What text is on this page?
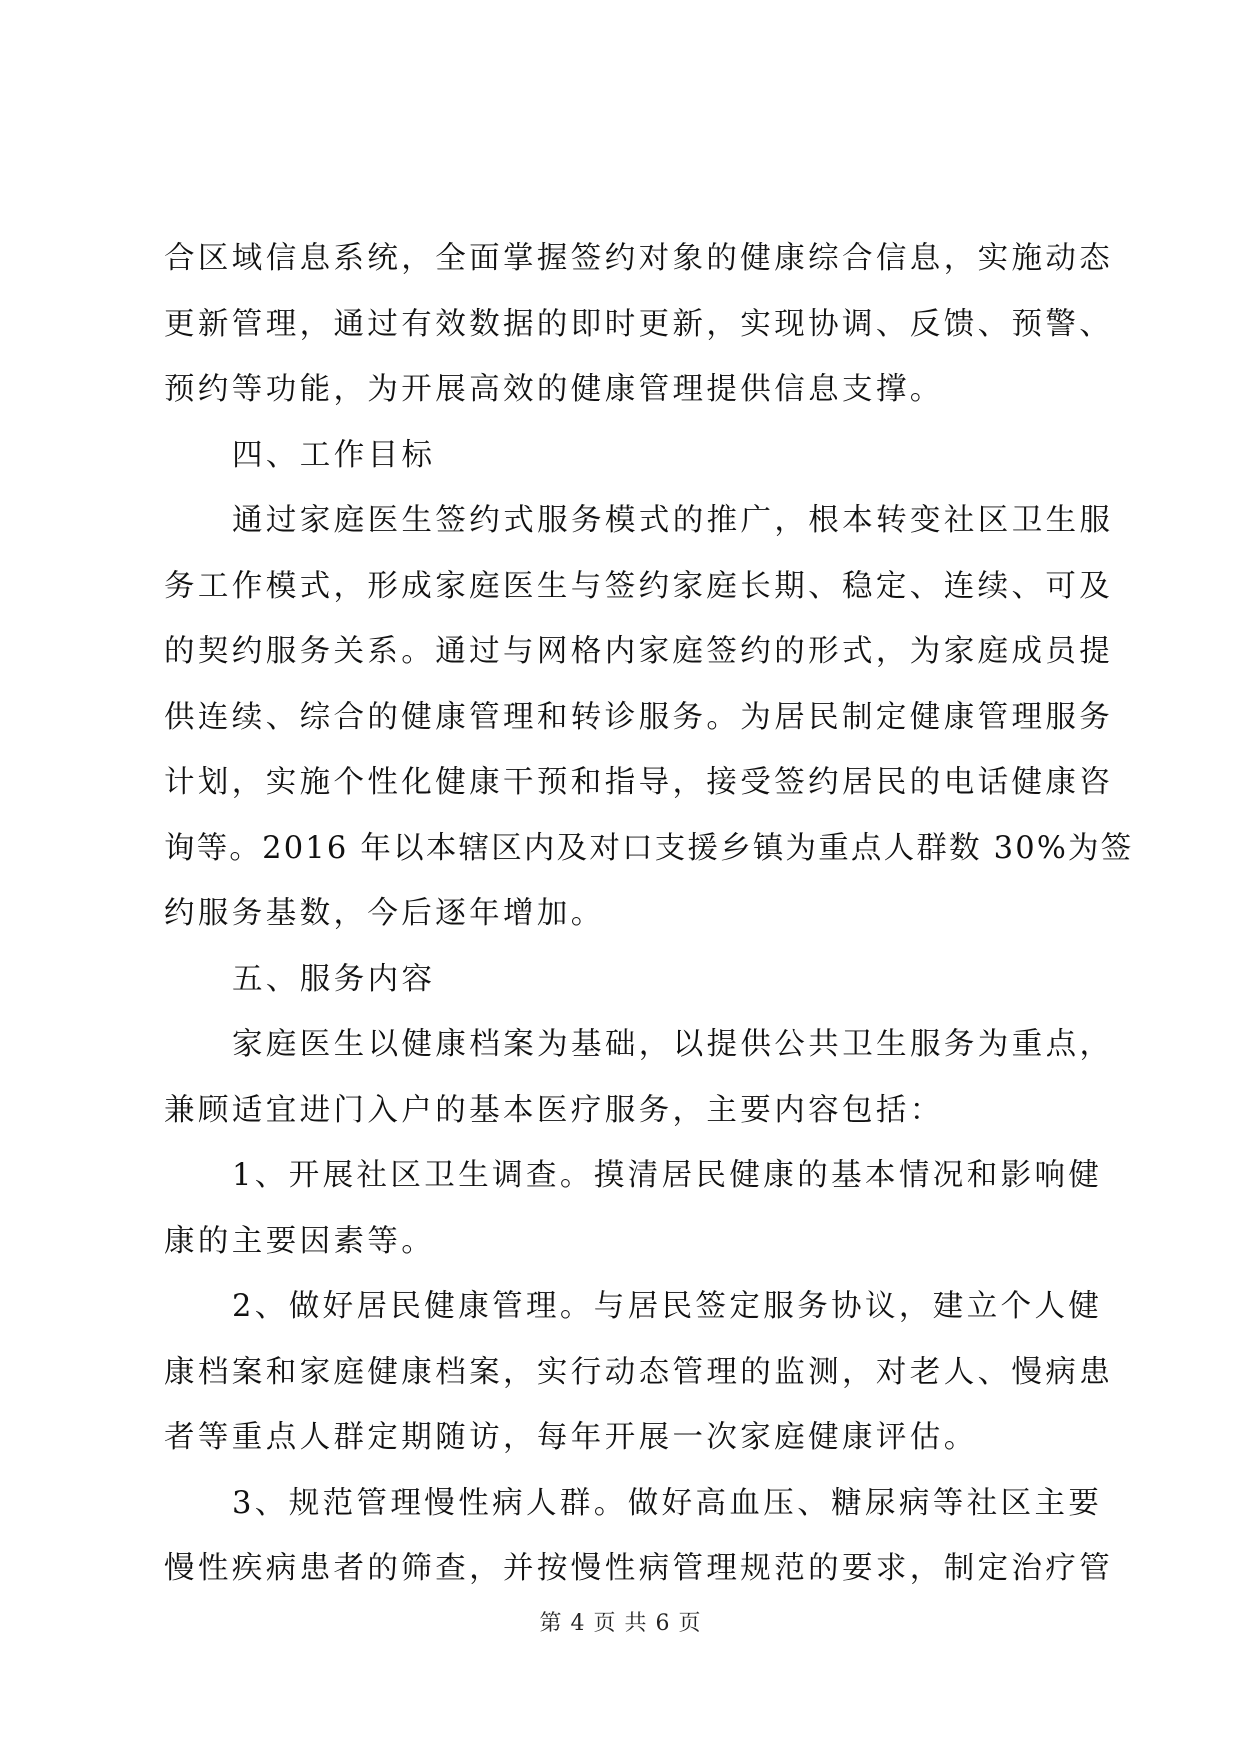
合区域信息系统，全面掌握签约对象的健康综合信息，实施动态
更新管理，通过有效数据的即时更新，实现协调、反馈、预警、
预约等功能，为开展高效的健康管理提供信息支撑。
四、工作目标
通过家庭医生签约式服务模式的推广，根本转变社区卫生服
务工作模式，形成家庭医生与签约家庭长期、稳定、连续、可及
的契约服务关系。通过与网格内家庭签约的形式，为家庭成员提
供连续、综合的健康管理和转诊服务。为居民制定健康管理服务
计划，实施个性化健康干预和指导，接受签约居民的电话健康咨
询等。2016 年以本辖区内及对口支援乡镇为重点人群数 30%为签
约服务基数，今后逐年增加。
五、服务内容
家庭医生以健康档案为基础，以提供公共卫生服务为重点，
兼顾适宜进门入户的基本医疗服务，主要内容包括：
1、开展社区卫生调查。摸清居民健康的基本情况和影响健
康的主要因素等。
2、做好居民健康管理。与居民签定服务协议，建立个人健
康档案和家庭健康档案，实行动态管理的监测，对老人、慢病患
者等重点人群定期随访，每年开展一次家庭健康评估。
3、规范管理慢性病人群。做好高血压、糖尿病等社区主要
慢性疾病患者的筛查，并按慢性病管理规范的要求，制定治疗管
第 4 页 共 6 页
